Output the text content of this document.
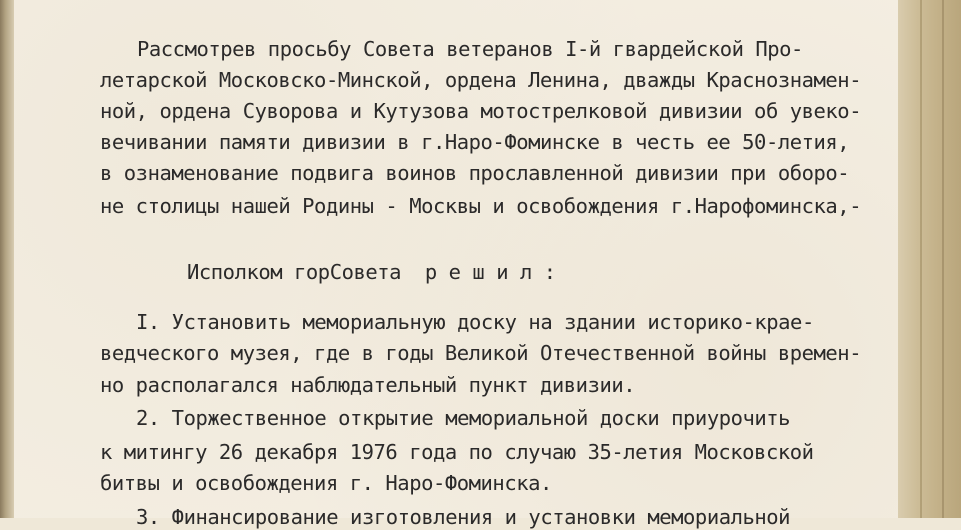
Рассмотрев просьбу Совета ветеранов I-й гвардейской Про-
летарской Московско-Минской, ордена Ленина, дважды Краснознамен-
ной, ордена Суворова и Кутузова мотострелковой дивизии об увеко-
вечивании памяти дивизии в г.Наро-Фоминске в честь ее 50-летия,
в ознаменование подвига воинов прославленной дивизии при оборо-
не столицы нашей Родины - Москвы и освобождения г.Нарофоминска,-
Исполком горСовета  р е ш и л :
I. Установить мемориальную доску на здании историко-крае-
ведческого музея, где в годы Великой Отечественной войны времен-
но располагался наблюдательный пункт дивизии.
2. Торжественное открытие мемориальной доски приурочить
к митингу 26 декабря 1976 года по случаю 35-летия Московской
битвы и освобождения г. Наро-Фоминска.
3. Финансирование изготовления и установки мемориальной
